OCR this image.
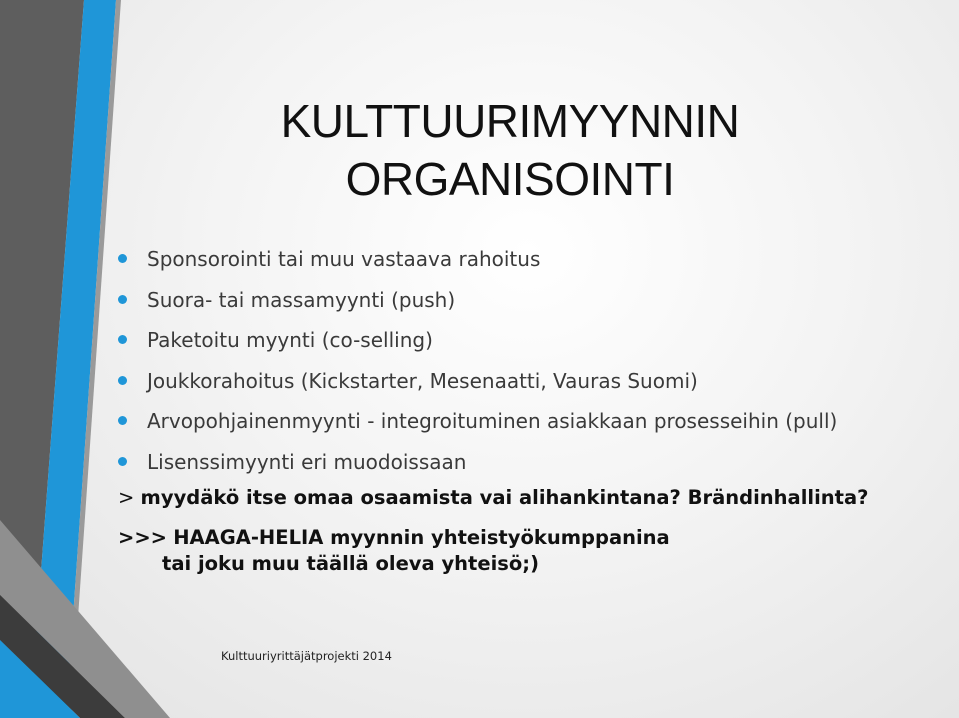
KULTTUURIMYYNNIN
ORGANISOINTI
Sponsorointi tai muu vastaava rahoitus
Suora- tai massamyynti (push)
Paketoitu myynti (co-selling)
Joukkorahoitus (Kickstarter, Mesenaatti, Vauras Suomi)
Arvopohjainenmyynti - integroituminen asiakkaan prosesseihin (pull)
Lisenssimyynti eri muodoissaan
> myydäkö itse omaa osaamista vai alihankintana? Brändinhallinta?
>>> HAAGA-HELIA myynnin yhteistyökumppanina
tai joku muu täällä oleva yhteisö;)
Kulttuuriyrittäjätprojekti 2014
